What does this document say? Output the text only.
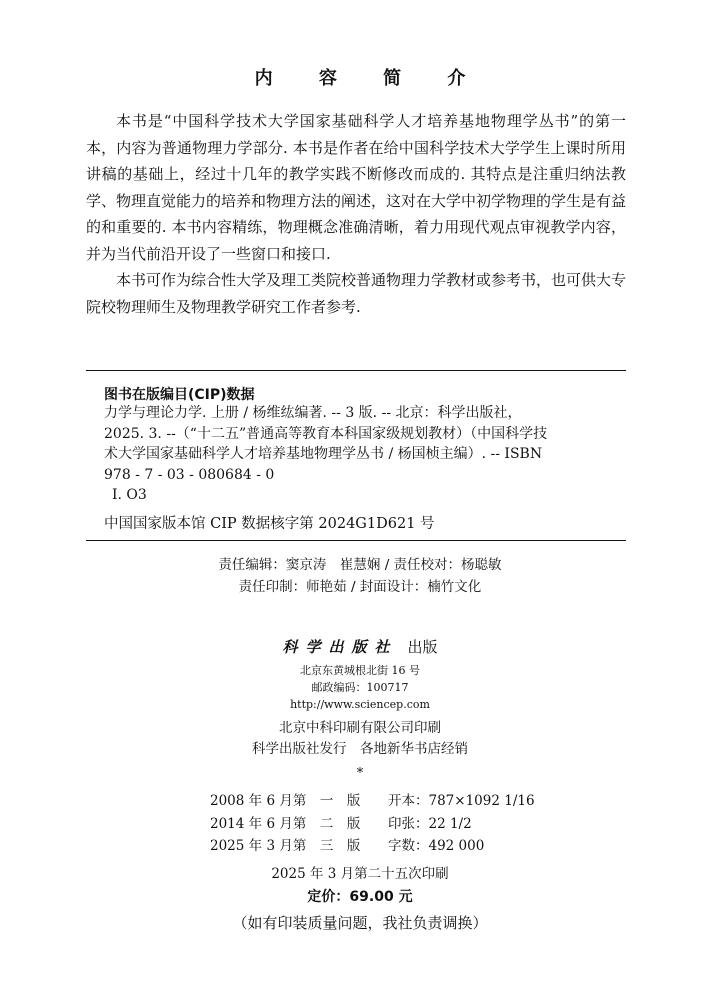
内 容 简 介

本书是“中国科学技术大学国家基础科学人才培养基地物理学丛书”的第一本，内容为普通物理力学部分. 本书是作者在给中国科学技术大学学生上课时所用讲稿的基础上，经过十几年的教学实践不断修改而成的. 其特点是注重归纳法教学、物理直觉能力的培养和物理方法的阐述，这对在大学中初学物理的学生是有益的和重要的. 本书内容精练，物理概念准确清晰，着力用现代观点审视教学内容，并为当代前沿开设了一些窗口和接口.

本书可作为综合性大学及理工类院校普通物理力学教材或参考书，也可供大专院校物理师生及物理教学研究工作者参考.

图书在版编目(CIP)数据
力学与理论力学. 上册 / 杨维纮编著. -- 3 版. -- 北京：科学出版社，
2025. 3. --（“十二五”普通高等教育本科国家级规划教材）（中国科学技
术大学国家基础科学人才培养基地物理学丛书 / 杨国桢主编）. -- ISBN
978 - 7 - 03 - 080684 - 0
Ⅰ. O3
中国国家版本馆 CIP 数据核字第 2024G1D621 号
责任编辑：窦京涛　崔慧娴 / 责任校对：杨聪敏
责任印制：师艳茹 / 封面设计：楠竹文化
科学出版社 出版
北京东黄城根北街 16 号
邮政编码：100717
http://www.sciencep.com
北京中科印刷有限公司印刷
科学出版社发行　各地新华书店经销
*
2008 年 6 月第　一　版 开本：787×1092 1/16
2014 年 6 月第　二　版 印张：22 1/2
2025 年 3 月第　三　版 字数：492 000
2025 年 3 月第二十五次印刷
定价：69.00 元
（如有印装质量问题，我社负责调换）
